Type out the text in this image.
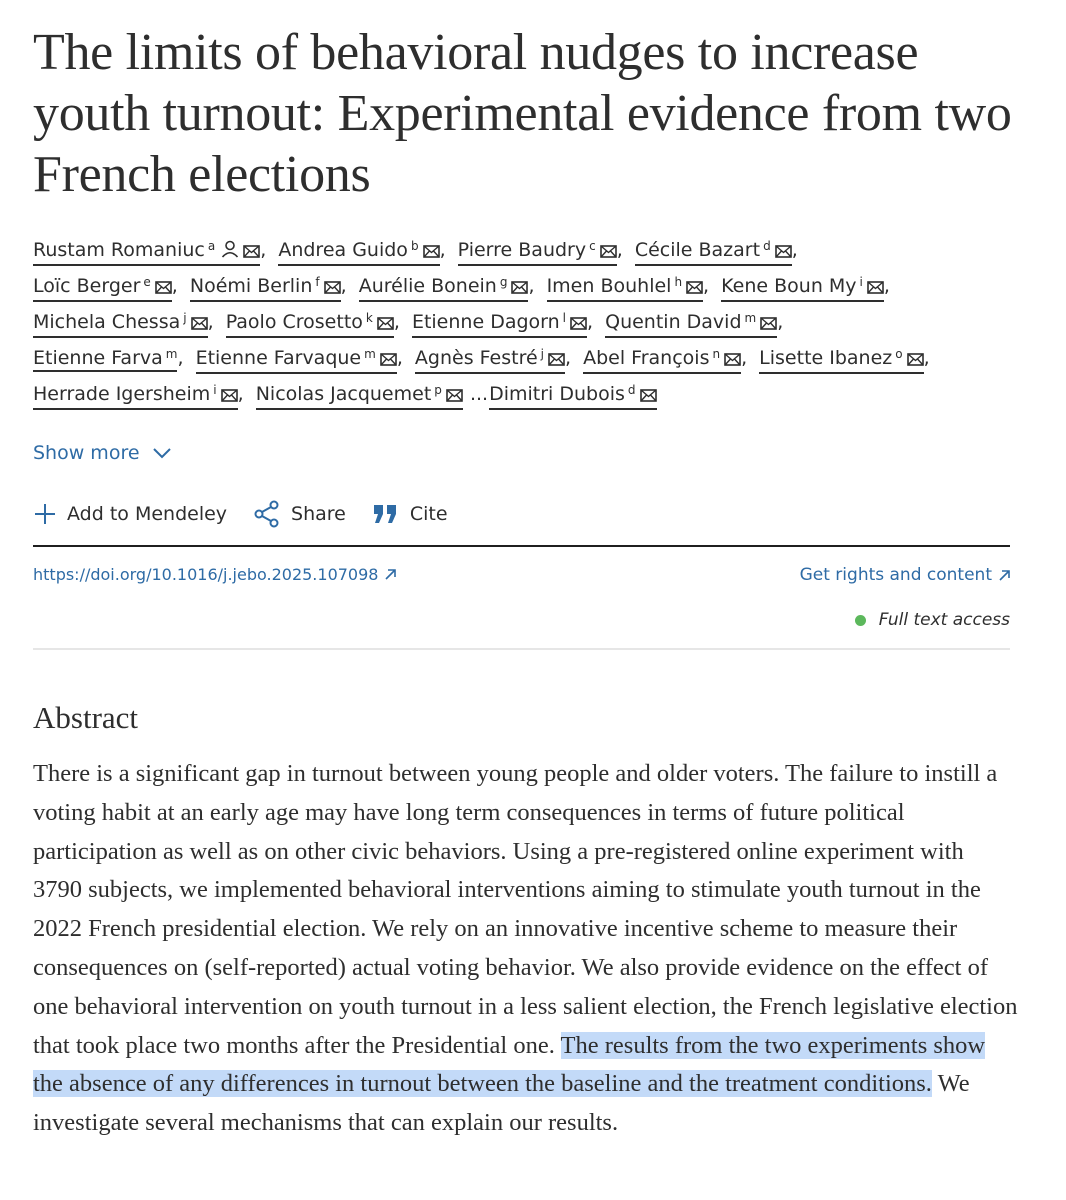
The limits of behavioral nudges to increase youth turnout: Experimental evidence from two French elections
Rustam Romaniuc $^a$ , Andrea Guido $^b$ , Pierre Baudry $^c$ , Cécile Bazart $^d$ ,
Loïc Berger $^e$ , Noémi Berlin $^f$ , Aurélie Bonein $^g$ , Imen Bouhlel $^h$ , Kene Boun My $^i$ ,
Michela Chessa $^j$ , Paolo Crosetto $^k$ , Etienne Dagorn $^l$ , Quentin David $^m$ ,
Etienne Farva $^m$, Etienne Farvaque $^m$ , Agnès Festré $^j$ , Abel François $^n$ , Lisette Ibanez $^o$ ,
Herrade Igersheim $^i$ , Nicolas Jacquemet $^p$ ...Dimitri Dubois $^d$
Show more
Add to Mendeley	Share	Cite
https://doi.org/10.1016/j.jebo.2025.107098	Get rights and content
Full text access
Abstract

There is a significant gap in turnout between young people and older voters. The failure to instill a voting habit at an early age may have long term consequences in terms of future political participation as well as on other civic behaviors. Using a pre-registered online experiment with 3790 subjects, we implemented behavioral interventions aiming to stimulate youth turnout in the 2022 French presidential election. We rely on an innovative incentive scheme to measure their consequences on (self-reported) actual voting behavior. We also provide evidence on the effect of one behavioral intervention on youth turnout in a less salient election, the French legislative election that took place two months after the Presidential one. The results from the two experiments show the absence of any differences in turnout between the baseline and the treatment conditions. We investigate several mechanisms that can explain our results.
